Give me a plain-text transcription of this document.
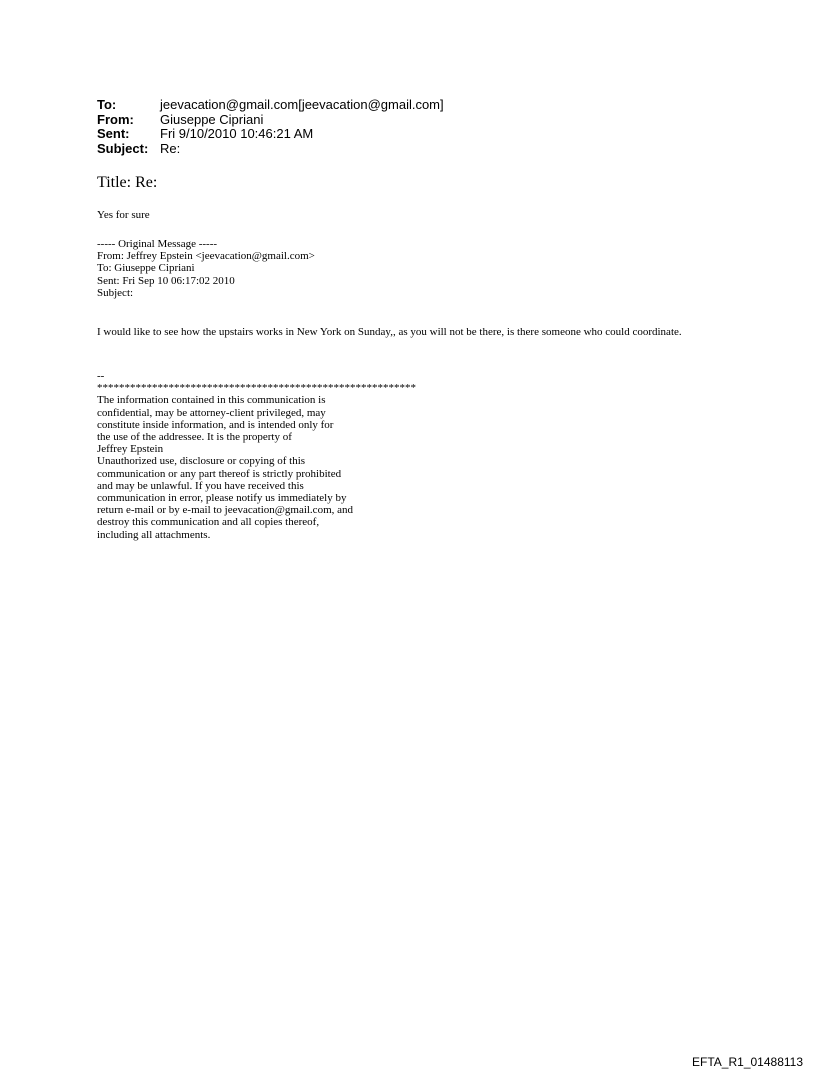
To:	jeevacation@gmail.com[jeevacation@gmail.com]
From:	Giuseppe Cipriani
Sent:	Fri 9/10/2010 10:46:21 AM
Subject: Re:
Title: Re:
Yes for sure
----- Original Message -----
From: Jeffrey Epstein <jeevacation@gmail.com>
To: Giuseppe Cipriani
Sent: Fri Sep 10 06:17:02 2010
Subject:
I would like to see how the upstairs works in New York on Sunday,, as you will not be there, is there someone who could coordinate.
--
**********************************************************
The information contained in this communication is
confidential, may be attorney-client privileged, may
constitute inside information, and is intended only for
the use of the addressee. It is the property of
Jeffrey Epstein
Unauthorized use, disclosure or copying of this
communication or any part thereof is strictly prohibited
and may be unlawful. If you have received this
communication in error, please notify us immediately by
return e-mail or by e-mail to jeevacation@gmail.com, and
destroy this communication and all copies thereof,
including all attachments.
EFTA_R1_01488113
